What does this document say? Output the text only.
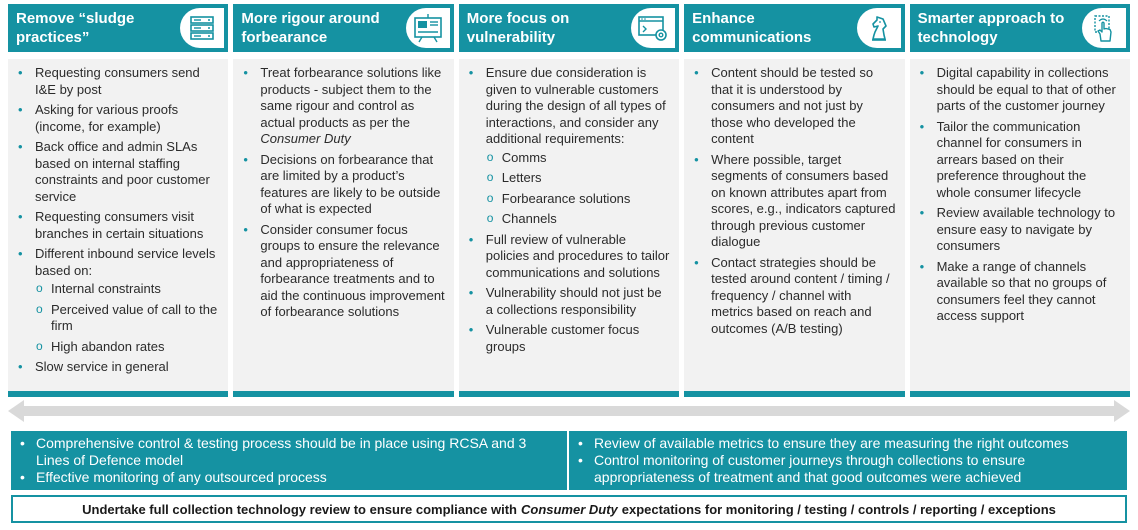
Remove “sludge practices”
• Requesting consumers send I&E by post
• Asking for various proofs (income, for example)
• Back office and admin SLAs based on internal staffing constraints and poor customer service
• Requesting consumers visit branches in certain situations
• Different inbound service levels based on:
o Internal constraints
o Perceived value of call to the firm
o High abandon rates
• Slow service in general
More rigour around forbearance
• Treat forbearance solutions like products - subject them to the same rigour and control as actual products as per the Consumer Duty
• Decisions on forbearance that are limited by a product’s features are likely to be outside of what is expected
• Consider consumer focus groups to ensure the relevance and appropriateness of forbearance treatments and to aid the continuous improvement of forbearance solutions
More focus on vulnerability
• Ensure due consideration is given to vulnerable customers during the design of all types of interactions, and consider any additional requirements:
o Comms
o Letters
o Forbearance solutions
o Channels
• Full review of vulnerable policies and procedures to tailor communications and solutions
• Vulnerability should not just be a collections responsibility
• Vulnerable customer focus groups
Enhance communications
• Content should be tested so that it is understood by consumers and not just by those who developed the content
• Where possible, target segments of consumers based on known attributes apart from scores, e.g., indicators captured through previous customer dialogue
• Contact strategies should be tested around content / timing / frequency / channel with metrics based on reach and outcomes (A/B testing)
Smarter approach to technology
• Digital capability in collections should be equal to that of other parts of the customer journey
• Tailor the communication channel for consumers in arrears based on their preference throughout the whole consumer lifecycle
• Review available technology to ensure easy to navigate by consumers
• Make a range of channels available so that no groups of consumers feel they cannot access support
• Comprehensive control & testing process should be in place using RCSA and 3 Lines of Defence model
• Effective monitoring of any outsourced process
• Review of available metrics to ensure they are measuring the right outcomes
• Control monitoring of customer journeys through collections to ensure appropriateness of treatment and that good outcomes were achieved
Undertake full collection technology review to ensure compliance with Consumer Duty expectations for monitoring / testing / controls / reporting / exceptions
